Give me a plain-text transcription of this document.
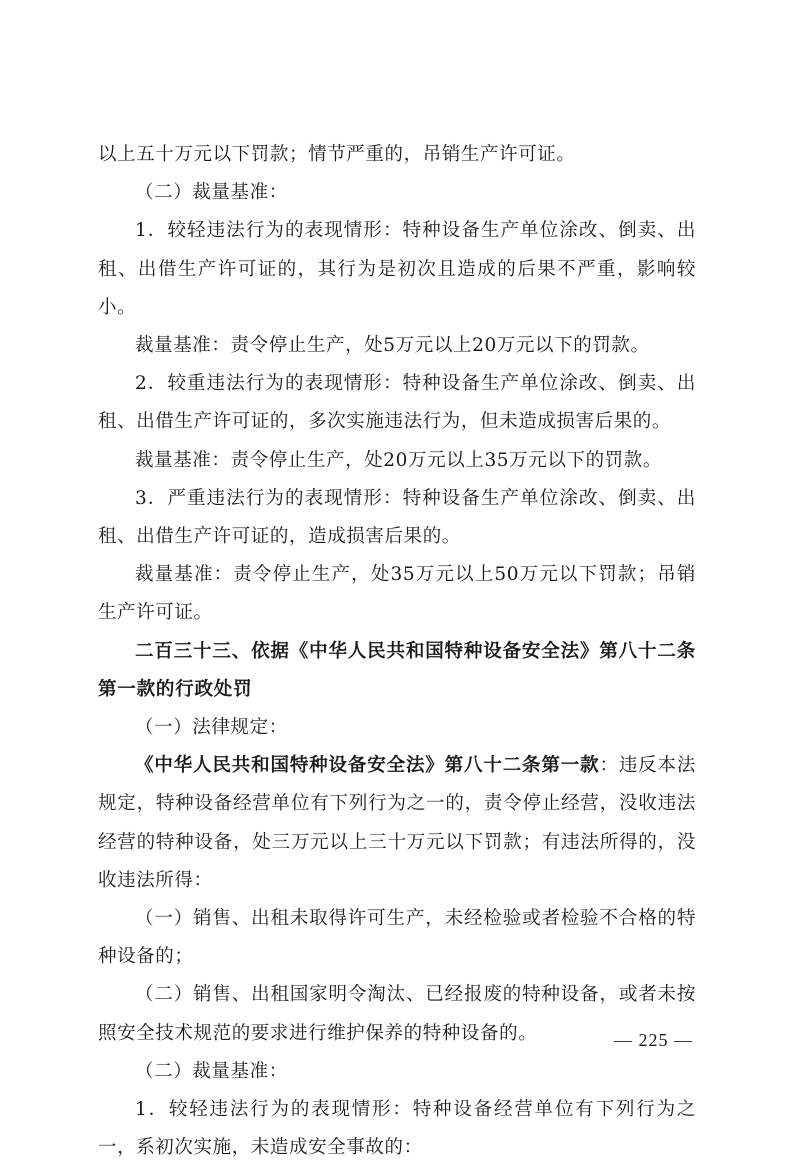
以上五十万元以下罚款；情节严重的，吊销生产许可证。

（二）裁量基准：

1．较轻违法行为的表现情形：特种设备生产单位涂改、倒卖、出租、出借生产许可证的，其行为是初次且造成的后果不严重，影响较小。

裁量基准：责令停止生产，处5万元以上20万元以下的罚款。

2．较重违法行为的表现情形：特种设备生产单位涂改、倒卖、出租、出借生产许可证的，多次实施违法行为，但未造成损害后果的。

裁量基准：责令停止生产，处20万元以上35万元以下的罚款。

3．严重违法行为的表现情形：特种设备生产单位涂改、倒卖、出租、出借生产许可证的，造成损害后果的。

裁量基准：责令停止生产，处35万元以上50万元以下罚款；吊销生产许可证。

二百三十三、依据《中华人民共和国特种设备安全法》第八十二条第一款的行政处罚

（一）法律规定：

《中华人民共和国特种设备安全法》第八十二条第一款：违反本法规定，特种设备经营单位有下列行为之一的，责令停止经营，没收违法经营的特种设备，处三万元以上三十万元以下罚款；有违法所得的，没收违法所得：

（一）销售、出租未取得许可生产，未经检验或者检验不合格的特种设备的；

（二）销售、出租国家明令淘汰、已经报废的特种设备，或者未按照安全技术规范的要求进行维护保养的特种设备的。

（二）裁量基准：

1．较轻违法行为的表现情形：特种设备经营单位有下列行为之一，系初次实施，未造成安全事故的：

— 225 —
